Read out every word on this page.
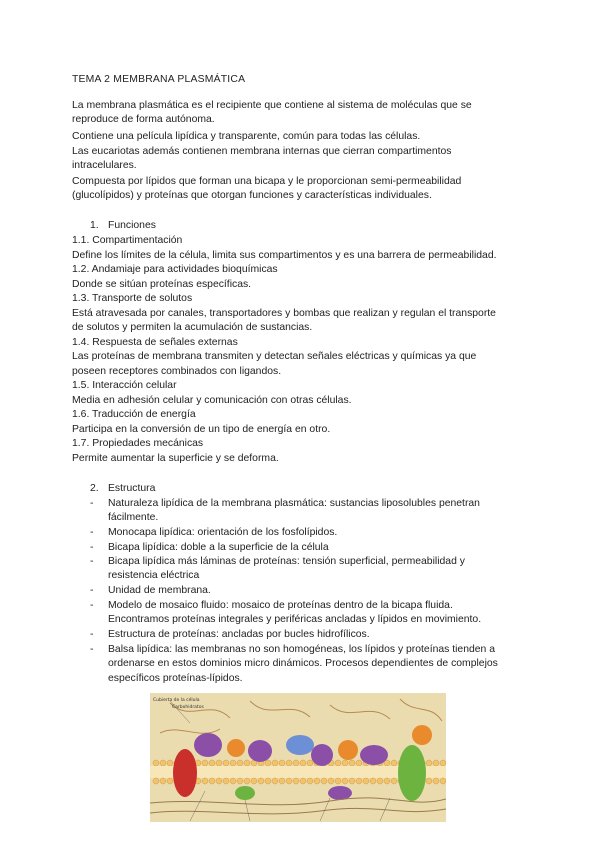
TEMA 2 MEMBRANA PLASMÁTICA
La membrana plasmática es el recipiente que contiene al sistema de moléculas que se
reproduce de forma autónoma.
Contiene una película lipídica y transparente, común para todas las células.
Las eucariotas además contienen membrana internas que cierran compartimentos
intracelulares.
Compuesta por lípidos que forman una bicapa y le proporcionan semi-permeabilidad
(glucolípidos) y proteínas que otorgan funciones y características individuales.
1. Funciones
1.1. Compartimentación
Define los límites de la célula, limita sus compartimentos y es una barrera de permeabilidad.
1.2. Andamiaje para actividades bioquímicas
Donde se sitúan proteínas específicas.
1.3. Transporte de solutos
Está atravesada por canales, transportadores y bombas que realizan y regulan el transporte
de solutos y permiten la acumulación de sustancias.
1.4. Respuesta de señales externas
Las proteínas de membrana transmiten y detectan señales eléctricas y químicas ya que
poseen receptores combinados con ligandos.
1.5. Interacción celular
Media en adhesión celular y comunicación con otras células.
1.6. Traducción de energía
Participa en la conversión de un tipo de energía en otro.
1.7. Propiedades mecánicas
Permite aumentar la superficie y se deforma.
2. Estructura
- Naturaleza lipídica de la membrana plasmática: sustancias liposolubles penetran
fácilmente.
- Monocapa lipídica: orientación de los fosfolípidos.
- Bicapa lipídica: doble a la superficie de la célula
- Bicapa lipídica más láminas de proteínas: tensión superficial, permeabilidad y
resistencia eléctrica
- Unidad de membrana.
- Modelo de mosaico fluido: mosaico de proteínas dentro de la bicapa fluida.
Encontramos proteínas integrales y periféricas ancladas y lípidos en movimiento.
- Estructura de proteínas: ancladas por bucles hidrofílicos.
- Balsa lipídica: las membranas no son homogéneas, los lípidos y proteínas tienden a
ordenarse en estos dominios micro dinámicos. Procesos dependientes de complejos
específicos proteínas-lípidos.
Cubierta de la célula
Carbohidratos
